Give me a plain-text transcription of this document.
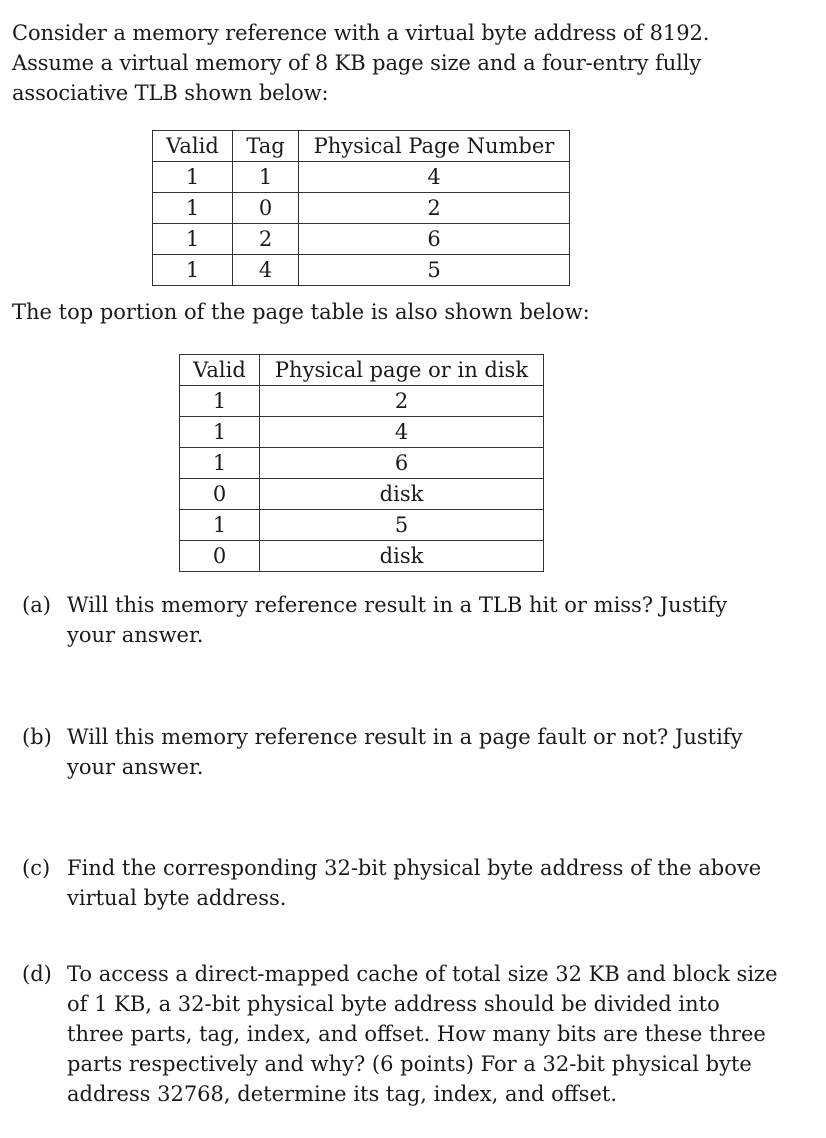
Consider a memory reference with a virtual byte address of 8192. Assume a virtual memory of 8 KB page size and a four-entry fully associative TLB shown below:

Valid	Tag	Physical Page Number
1	1	4
1	0	2
1	2	6
1	4	5

The top portion of the page table is also shown below:

Valid	Physical page or in disk
1	2
1	4
1	6
0	disk
1	5
0	disk
(a) Will this memory reference result in a TLB hit or miss? Justify your answer.
(b) Will this memory reference result in a page fault or not? Justify your answer.
(c) Find the corresponding 32-bit physical byte address of the above virtual byte address.
(d) To access a direct-mapped cache of total size 32 KB and block size of 1 KB, a 32-bit physical byte address should be divided into three parts, tag, index, and offset. How many bits are these three parts respectively and why? (6 points) For a 32-bit physical byte address 32768, determine its tag, index, and offset.
